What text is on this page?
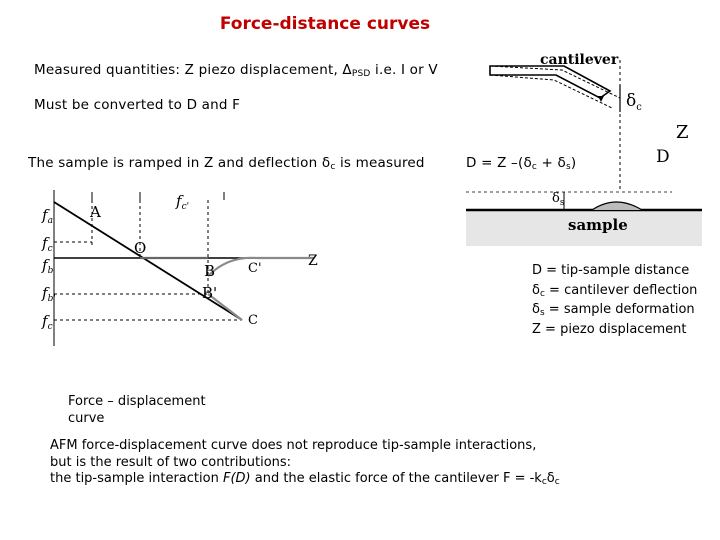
Force-distance curves
Measured quantities: Z piezo displacement, $\Delta_{PSD}$ i.e. I or V
Must be converted to D and F
The sample is ramped in Z and deflection $\delta_c$ is measured	D = Z $-(\delta_c + \delta_s)$
cantilever
$\delta_c$
Z
D
sample
$\delta_s$
D = tip-sample distance
$\delta_c$ = cantilever deflection
$\delta_s$ = sample deformation
Z = piezo displacement
$f_a$
$f_{c'}$
$f_b$
$f_{b'}$
$f_c$
$f_{c'}$
A
O
B	C'
B'
C
Z
Force – displacement
curve
AFM force-displacement curve does not reproduce tip-sample interactions,
but is the result of two contributions:
the tip-sample interaction F(D) and the elastic force of the cantilever $F = -k_c\delta_c$
